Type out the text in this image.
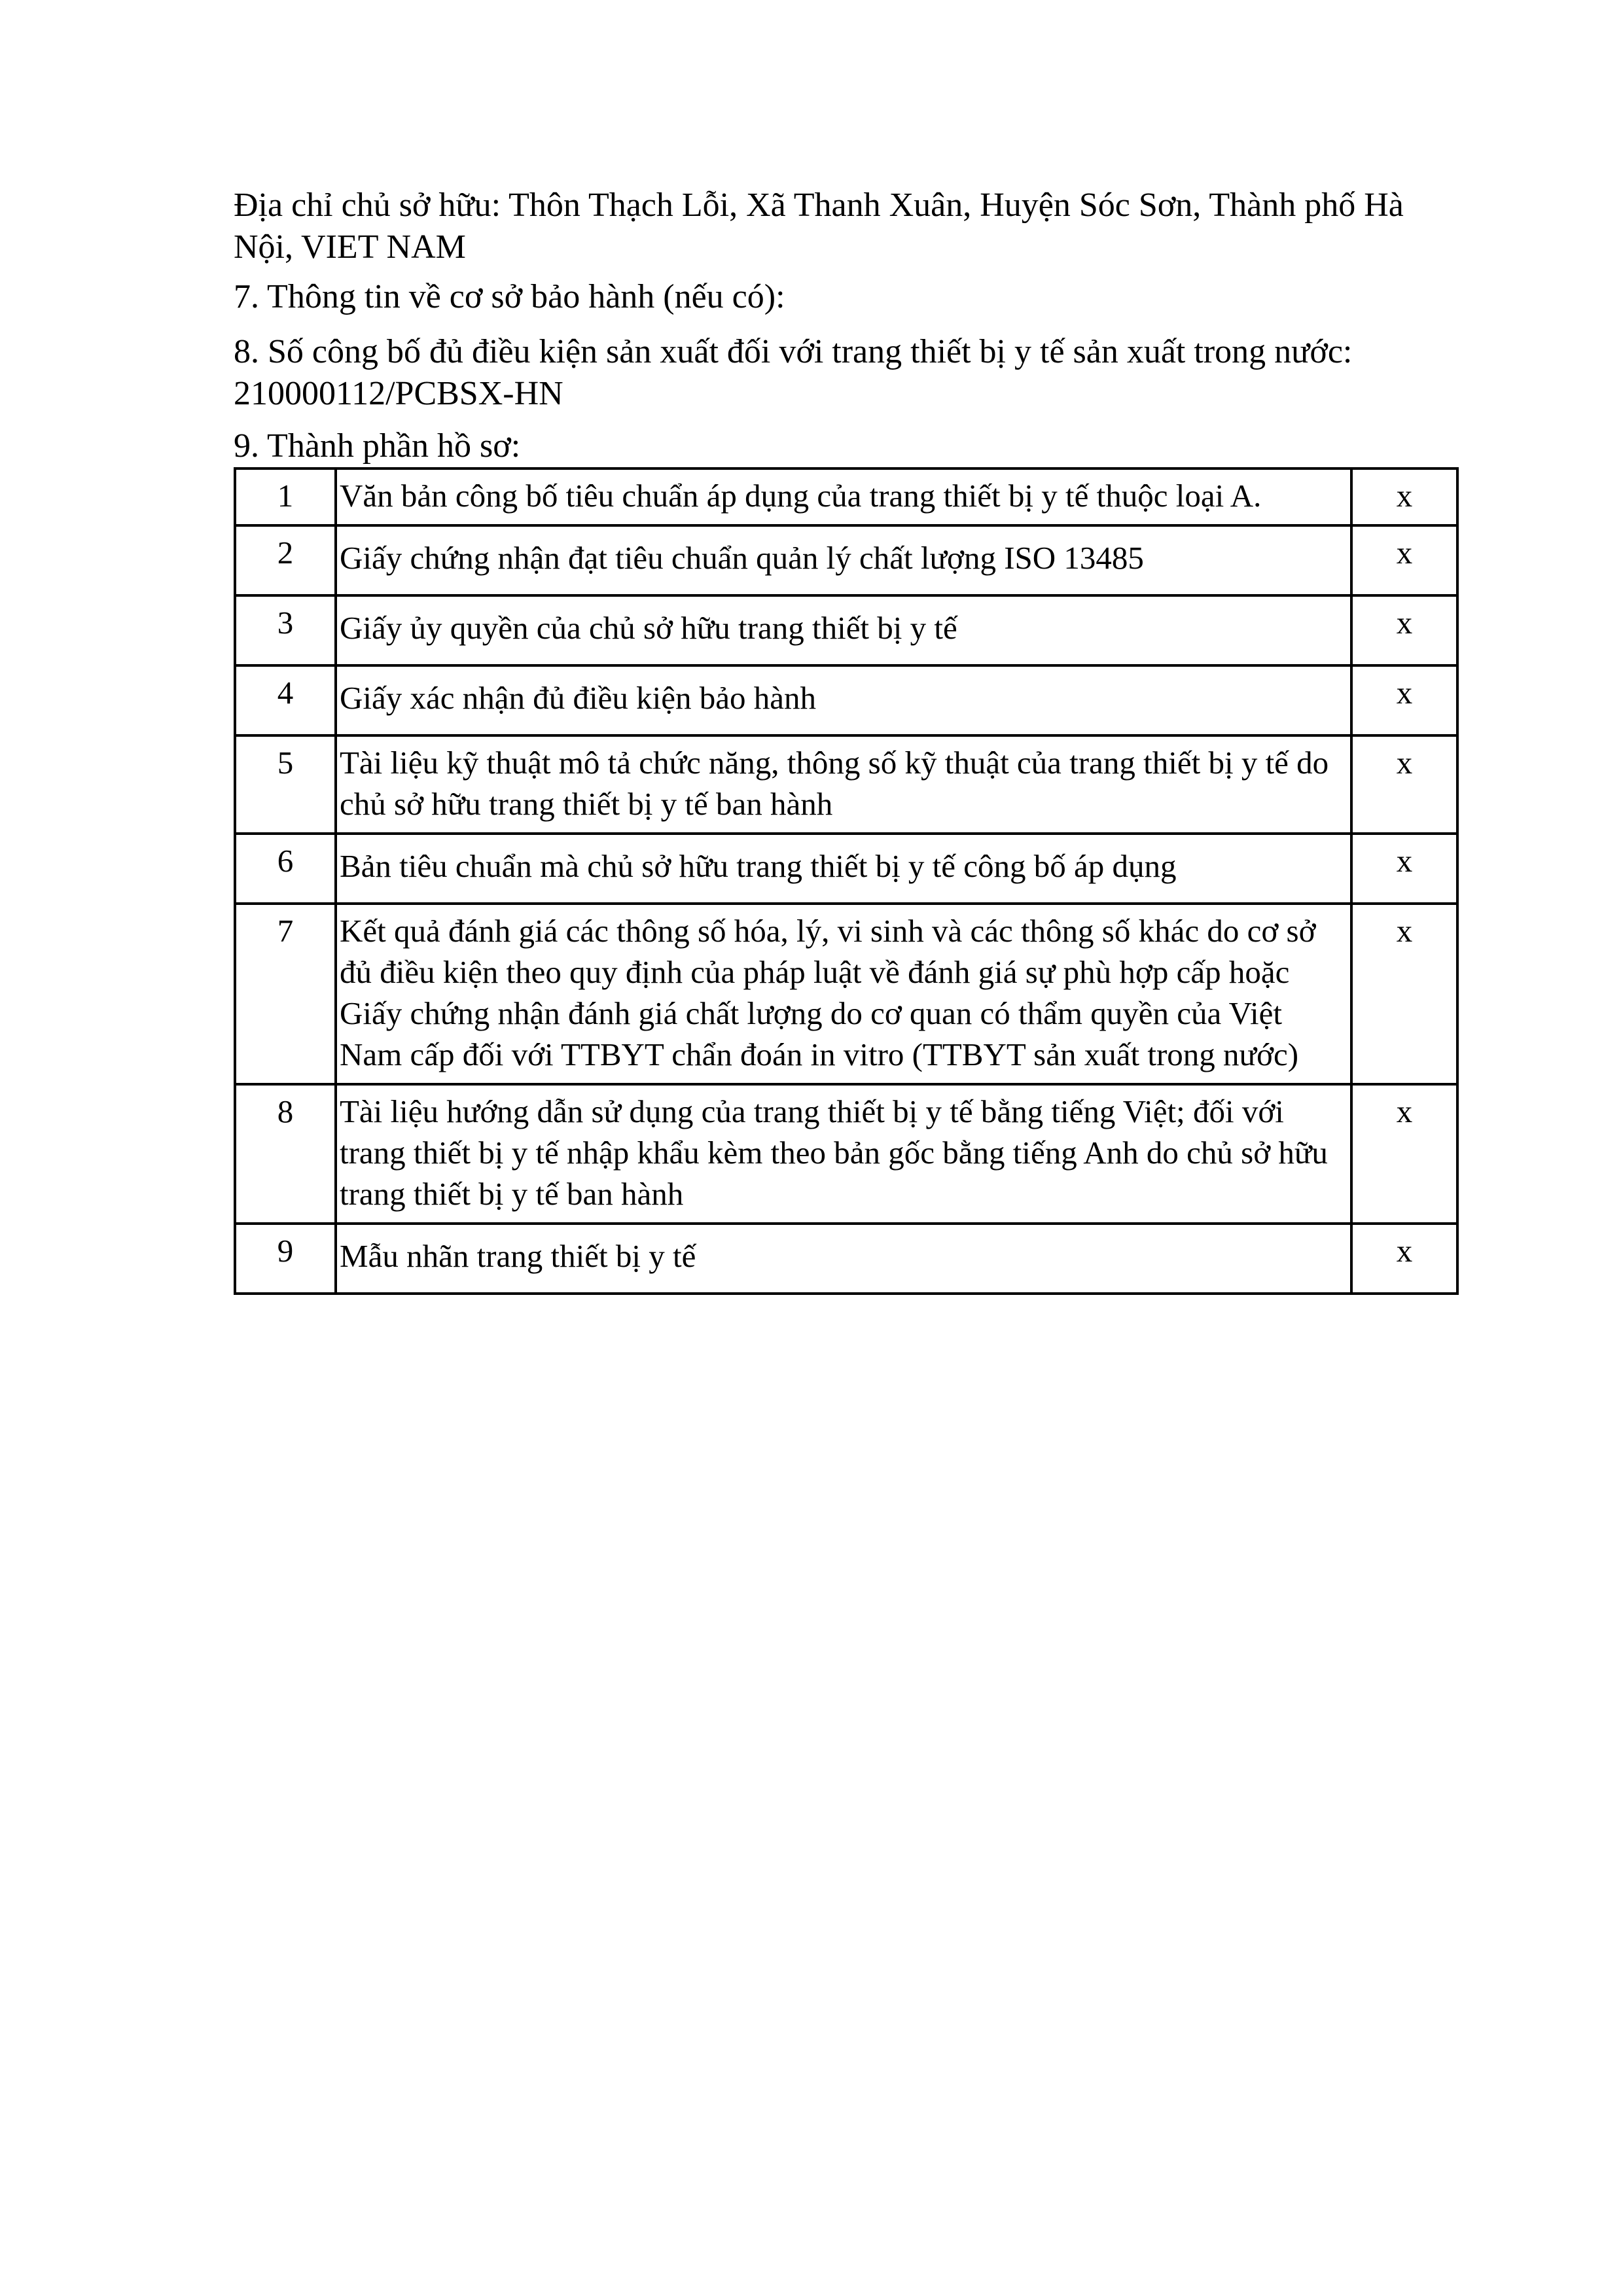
Địa chỉ chủ sở hữu: Thôn Thạch Lỗi, Xã Thanh Xuân, Huyện Sóc Sơn, Thành phố Hà Nội, VIET NAM

7. Thông tin về cơ sở bảo hành (nếu có):

8. Số công bố đủ điều kiện sản xuất đối với trang thiết bị y tế sản xuất trong nước: 210000112/PCBSX-HN

9. Thành phần hồ sơ:

1	Văn bản công bố tiêu chuẩn áp dụng của trang thiết bị y tế thuộc loại A.	x
2	Giấy chứng nhận đạt tiêu chuẩn quản lý chất lượng ISO 13485	x
3	Giấy ủy quyền của chủ sở hữu trang thiết bị y tế	x
4	Giấy xác nhận đủ điều kiện bảo hành	x
5	Tài liệu kỹ thuật mô tả chức năng, thông số kỹ thuật của trang thiết bị y tế do chủ sở hữu trang thiết bị y tế ban hành	x
6	Bản tiêu chuẩn mà chủ sở hữu trang thiết bị y tế công bố áp dụng	x
7	Kết quả đánh giá các thông số hóa, lý, vi sinh và các thông số khác do cơ sở đủ điều kiện theo quy định của pháp luật về đánh giá sự phù hợp cấp hoặc Giấy chứng nhận đánh giá chất lượng do cơ quan có thẩm quyền của Việt Nam cấp đối với TTBYT chẩn đoán in vitro (TTBYT sản xuất trong nước)	x
8	Tài liệu hướng dẫn sử dụng của trang thiết bị y tế bằng tiếng Việt; đối với trang thiết bị y tế nhập khẩu kèm theo bản gốc bằng tiếng Anh do chủ sở hữu trang thiết bị y tế ban hành	x
9	Mẫu nhãn trang thiết bị y tế	x
